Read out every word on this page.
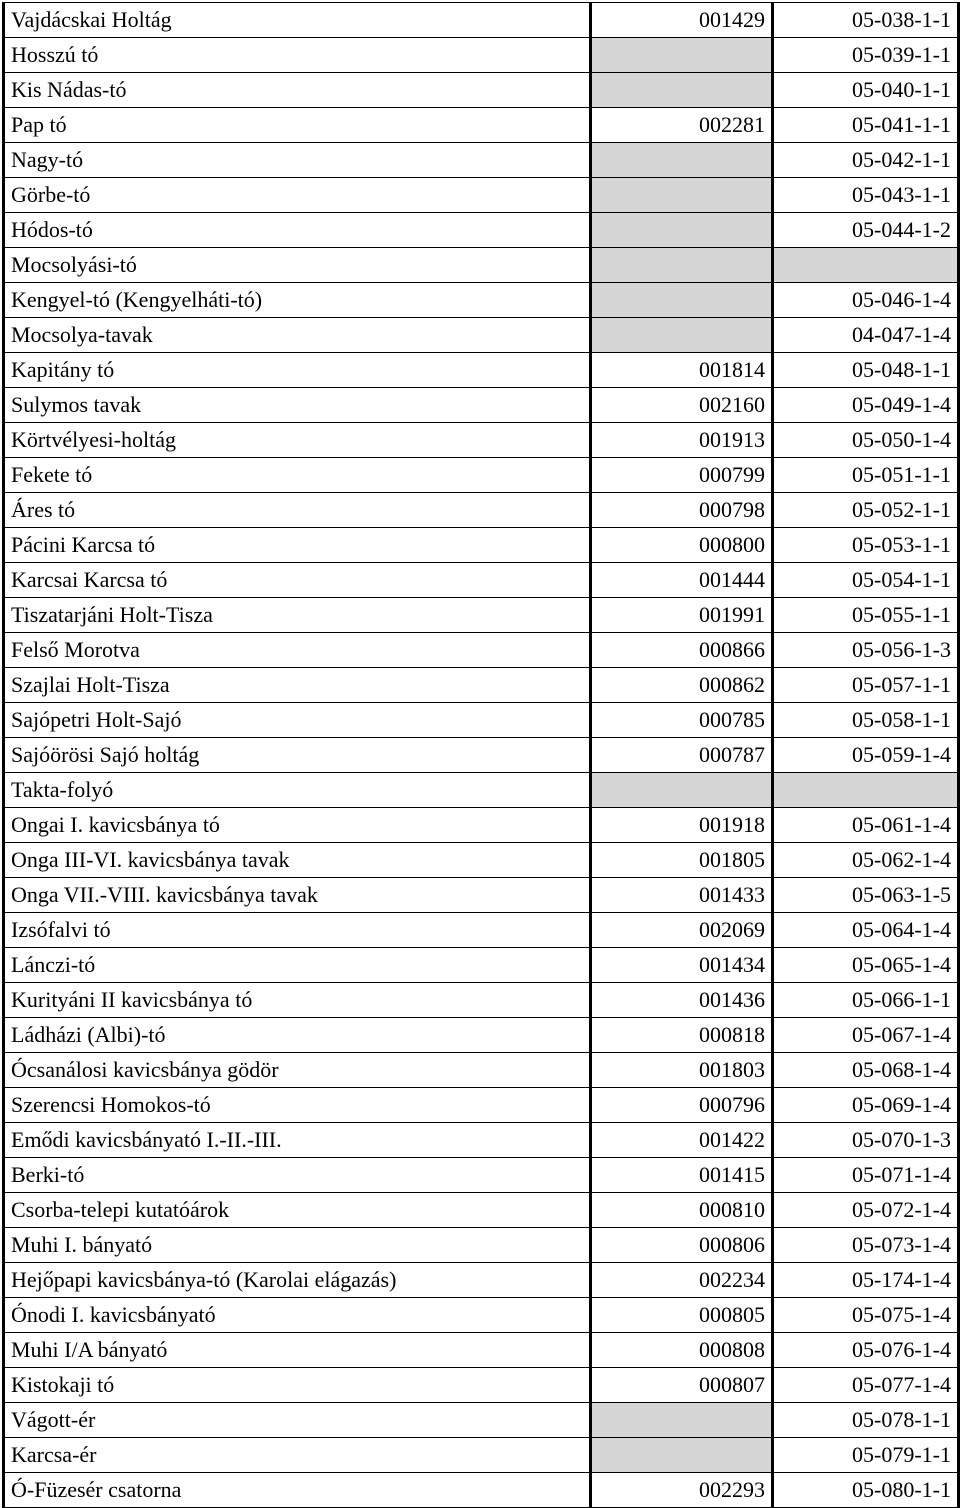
Vajdácskai Holtág	001429	05-038-1-1
Hosszú tó		05-039-1-1
Kis Nádas-tó		05-040-1-1
Pap tó	002281	05-041-1-1
Nagy-tó		05-042-1-1
Görbe-tó		05-043-1-1
Hódos-tó		05-044-1-2
Mocsolyási-tó		
Kengyel-tó (Kengyelháti-tó)		05-046-1-4
Mocsolya-tavak		04-047-1-4
Kapitány tó	001814	05-048-1-1
Sulymos tavak	002160	05-049-1-4
Körtvélyesi-holtág	001913	05-050-1-4
Fekete tó	000799	05-051-1-1
Áres tó	000798	05-052-1-1
Pácini Karcsa tó	000800	05-053-1-1
Karcsai Karcsa tó	001444	05-054-1-1
Tiszatarjáni Holt-Tisza	001991	05-055-1-1
Felső Morotva	000866	05-056-1-3
Szajlai Holt-Tisza	000862	05-057-1-1
Sajópetri Holt-Sajó	000785	05-058-1-1
Sajóörösi Sajó holtág	000787	05-059-1-4
Takta-folyó		
Ongai I. kavicsbánya tó	001918	05-061-1-4
Onga III-VI. kavicsbánya tavak	001805	05-062-1-4
Onga VII.-VIII. kavicsbánya tavak	001433	05-063-1-5
Izsófalvi tó	002069	05-064-1-4
Lánczi-tó	001434	05-065-1-4
Kurityáni II kavicsbánya tó	001436	05-066-1-1
Ládházi (Albi)-tó	000818	05-067-1-4
Ócsanálosi kavicsbánya gödör	001803	05-068-1-4
Szerencsi Homokos-tó	000796	05-069-1-4
Emődi kavicsbányató I.-II.-III.	001422	05-070-1-3
Berki-tó	001415	05-071-1-4
Csorba-telepi kutatóárok	000810	05-072-1-4
Muhi I. bányató	000806	05-073-1-4
Hejőpapi kavicsbánya-tó (Karolai elágazás)	002234	05-174-1-4
Ónodi I. kavicsbányató	000805	05-075-1-4
Muhi I/A bányató	000808	05-076-1-4
Kistokaji tó	000807	05-077-1-4
Vágott-ér		05-078-1-1
Karcsa-ér		05-079-1-1
Ó-Füzesér csatorna	002293	05-080-1-1
